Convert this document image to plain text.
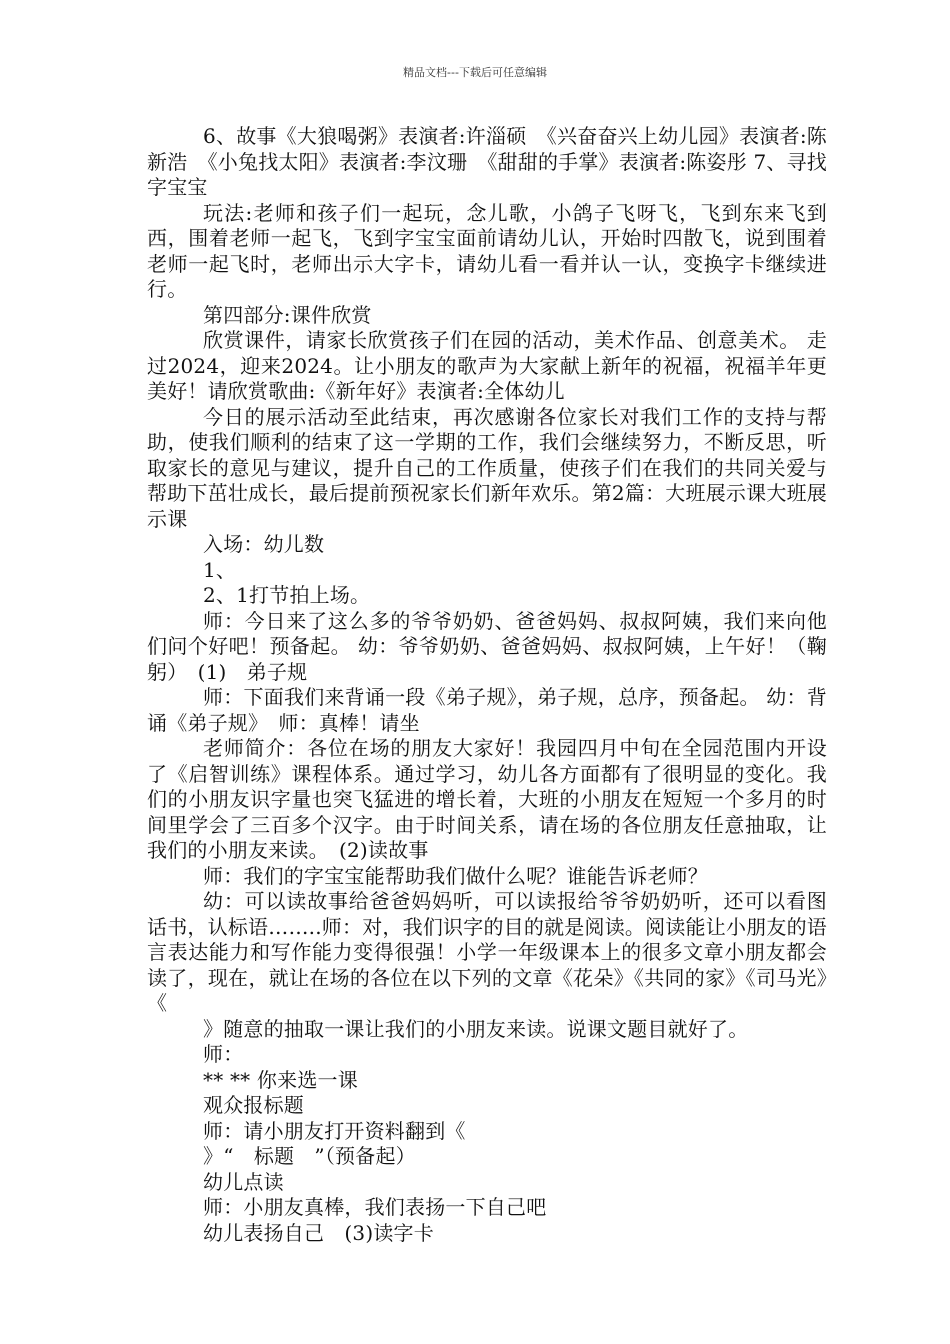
精品文档---下载后可任意编辑

6、故事《大狼喝粥》表演者:许淄硕　《兴奋奋兴上幼儿园》表演者:陈新浩　《小兔找太阳》表演者:李汶珊　《甜甜的手掌》表演者:陈姿彤 7、寻找字宝宝

玩法:老师和孩子们一起玩，念儿歌，小鸽子飞呀飞，飞到东来飞到西，围着老师一起飞，飞到字宝宝面前请幼儿认，开始时四散飞，说到围着老师一起飞时，老师出示大字卡，请幼儿看一看并认一认，变换字卡继续进行。

第四部分:课件欣赏

欣赏课件，请家长欣赏孩子们在园的活动，美术作品、创意美术。 走过2024，迎来2024。让小朋友的歌声为大家献上新年的祝福，祝福羊年更美好！请欣赏歌曲:《新年好》表演者:全体幼儿

今日的展示活动至此结束，再次感谢各位家长对我们工作的支持与帮助，使我们顺利的结束了这一学期的工作，我们会继续努力，不断反思，听取家长的意见与建议，提升自己的工作质量，使孩子们在我们的共同关爱与帮助下茁壮成长，最后提前预祝家长们新年欢乐。第2篇：大班展示课大班展示课

入场：幼儿数

1、

2、1打节拍上场。

师：今日来了这么多的爷爷奶奶、爸爸妈妈、叔叔阿姨，我们来向他们问个好吧！预备起。 幼：爷爷奶奶、爸爸妈妈、叔叔阿姨，上午好！（鞠躬）　(1)　弟子规

师：下面我们来背诵一段《弟子规》，弟子规，总序，预备起。 幼：背诵《弟子规》　师：真棒！请坐

老师简介：各位在场的朋友大家好！我园四月中旬在全园范围内开设了《启智训练》课程体系。通过学习，幼儿各方面都有了很明显的变化。我们的小朋友识字量也突飞猛进的增长着，大班的小朋友在短短一个多月的时间里学会了三百多个汉字。由于时间关系，请在场的各位朋友任意抽取，让我们的小朋友来读。　(2)读故事

师：我们的字宝宝能帮助我们做什么呢？谁能告诉老师？

幼：可以读故事给爸爸妈妈听，可以读报给爷爷奶奶听，还可以看图话书，认标语……..师：对，我们识字的目的就是阅读。阅读能让小朋友的语言表达能力和写作能力变得很强！小学一年级课本上的很多文章小朋友都会读了，现在，就让在场的各位在以下列的文章《花朵》《共同的家》《司马光》《

》随意的抽取一课让我们的小朋友来读。说课文题目就好了。

师：

** ** 你来选一课

观众报标题

师：请小朋友打开资料翻到《

》“　标题　”（预备起）

幼儿点读

师：小朋友真棒，我们表扬一下自己吧

幼儿表扬自己　(3)读字卡
